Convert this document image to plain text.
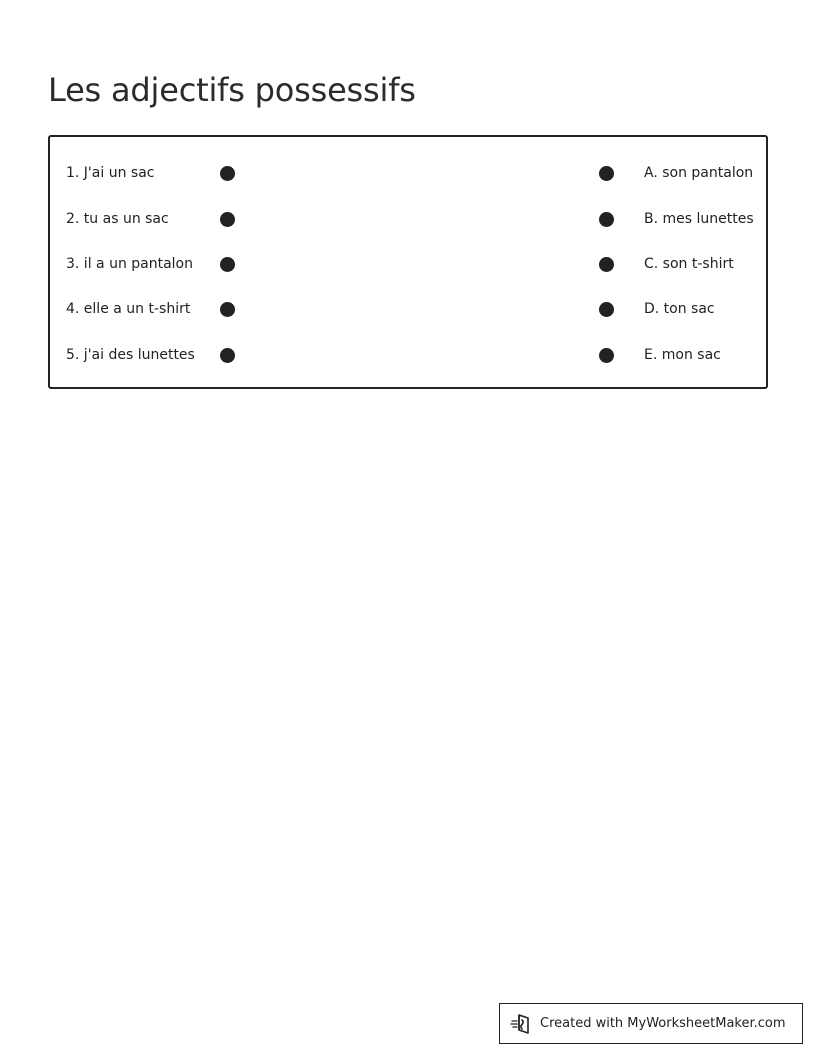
Les adjectifs possessifs
1. J'ai un sac	A. son pantalon
2. tu as un sac	B. mes lunettes
3. il a un pantalon	C. son t-shirt
4. elle a un t-shirt	D. ton sac
5. j'ai des lunettes	E. mon sac
Created with MyWorksheetMaker.com
